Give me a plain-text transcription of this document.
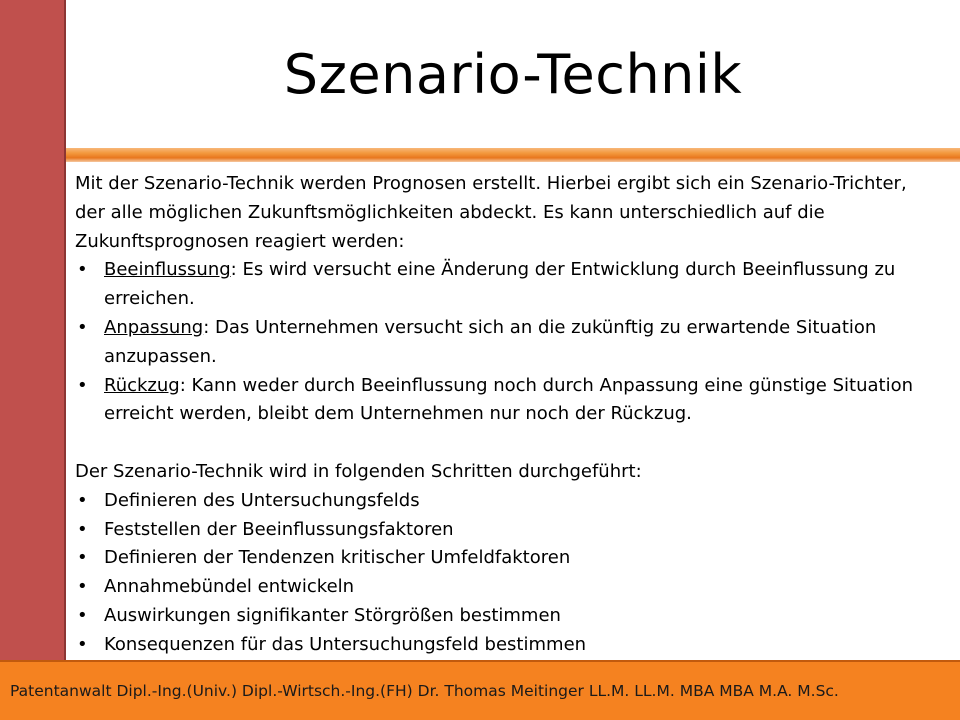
Szenario-Technik

Mit der Szenario-Technik werden Prognosen erstellt. Hierbei ergibt sich ein Szenario-Trichter, der alle möglichen Zukunftsmöglichkeiten abdeckt. Es kann unterschiedlich auf die Zukunftsprognosen reagiert werden:

• Beeinflussung: Es wird versucht eine Änderung der Entwicklung durch Beeinflussung zu erreichen.
• Anpassung: Das Unternehmen versucht sich an die zukünftig zu erwartende Situation anzupassen.
• Rückzug: Kann weder durch Beeinflussung noch durch Anpassung eine günstige Situation erreicht werden, bleibt dem Unternehmen nur noch der Rückzug.

Der Szenario-Technik wird in folgenden Schritten durchgeführt:

• Definieren des Untersuchungsfelds
• Feststellen der Beeinflussungsfaktoren
• Definieren der Tendenzen kritischer Umfeldfaktoren
• Annahmebündel entwickeln
• Auswirkungen signifikanter Störgrößen bestimmen
• Konsequenzen für das Untersuchungsfeld bestimmen
Patentanwalt Dipl.-Ing.(Univ.) Dipl.-Wirtsch.-Ing.(FH) Dr. Thomas Meitinger LL.M. LL.M. MBA MBA M.A. M.Sc.
